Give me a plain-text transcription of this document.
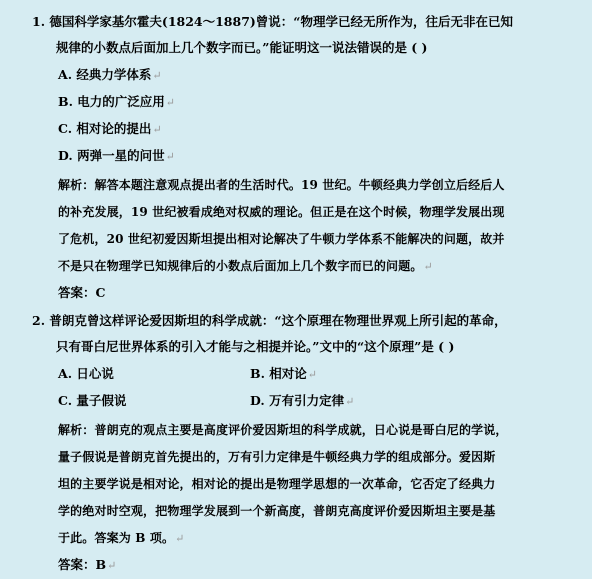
1. 德国科学家基尔霍夫(1824～1887)曾说：“物理学已经无所作为，往后无非在已知
规律的小数点后面加上几个数字而已。”能证明这一说法错误的是 ( )
A. 经典力学体系↵
B. 电力的广泛应用↵
C. 相对论的提出↵
D. 两弹一星的问世↵
解析：解答本题注意观点提出者的生活时代。19 世纪。牛顿经典力学创立后经后人
的补充发展，19 世纪被看成绝对权威的理论。但正是在这个时候，物理学发展出现
了危机，20 世纪初爱因斯坦提出相对论解决了牛顿力学体系不能解决的问题，故并
不是只在物理学已知规律后的小数点后面加上几个数字而已的问题。↵
答案：C
2. 普朗克曾这样评论爱因斯坦的科学成就：“这个原理在物理世界观上所引起的革命，
只有哥白尼世界体系的引入才能与之相提并论。”文中的“这个原理”是 ( )
A. 日心说	B. 相对论↵
C. 量子假说	D. 万有引力定律↵
解析：普朗克的观点主要是高度评价爱因斯坦的科学成就，日心说是哥白尼的学说，
量子假说是普朗克首先提出的，万有引力定律是牛顿经典力学的组成部分。爱因斯
坦的主要学说是相对论，相对论的提出是物理学思想的一次革命，它否定了经典力
学的绝对时空观，把物理学发展到一个新高度，普朗克高度评价爱因斯坦主要是基
于此。答案为 B 项。↵
答案：B↵
